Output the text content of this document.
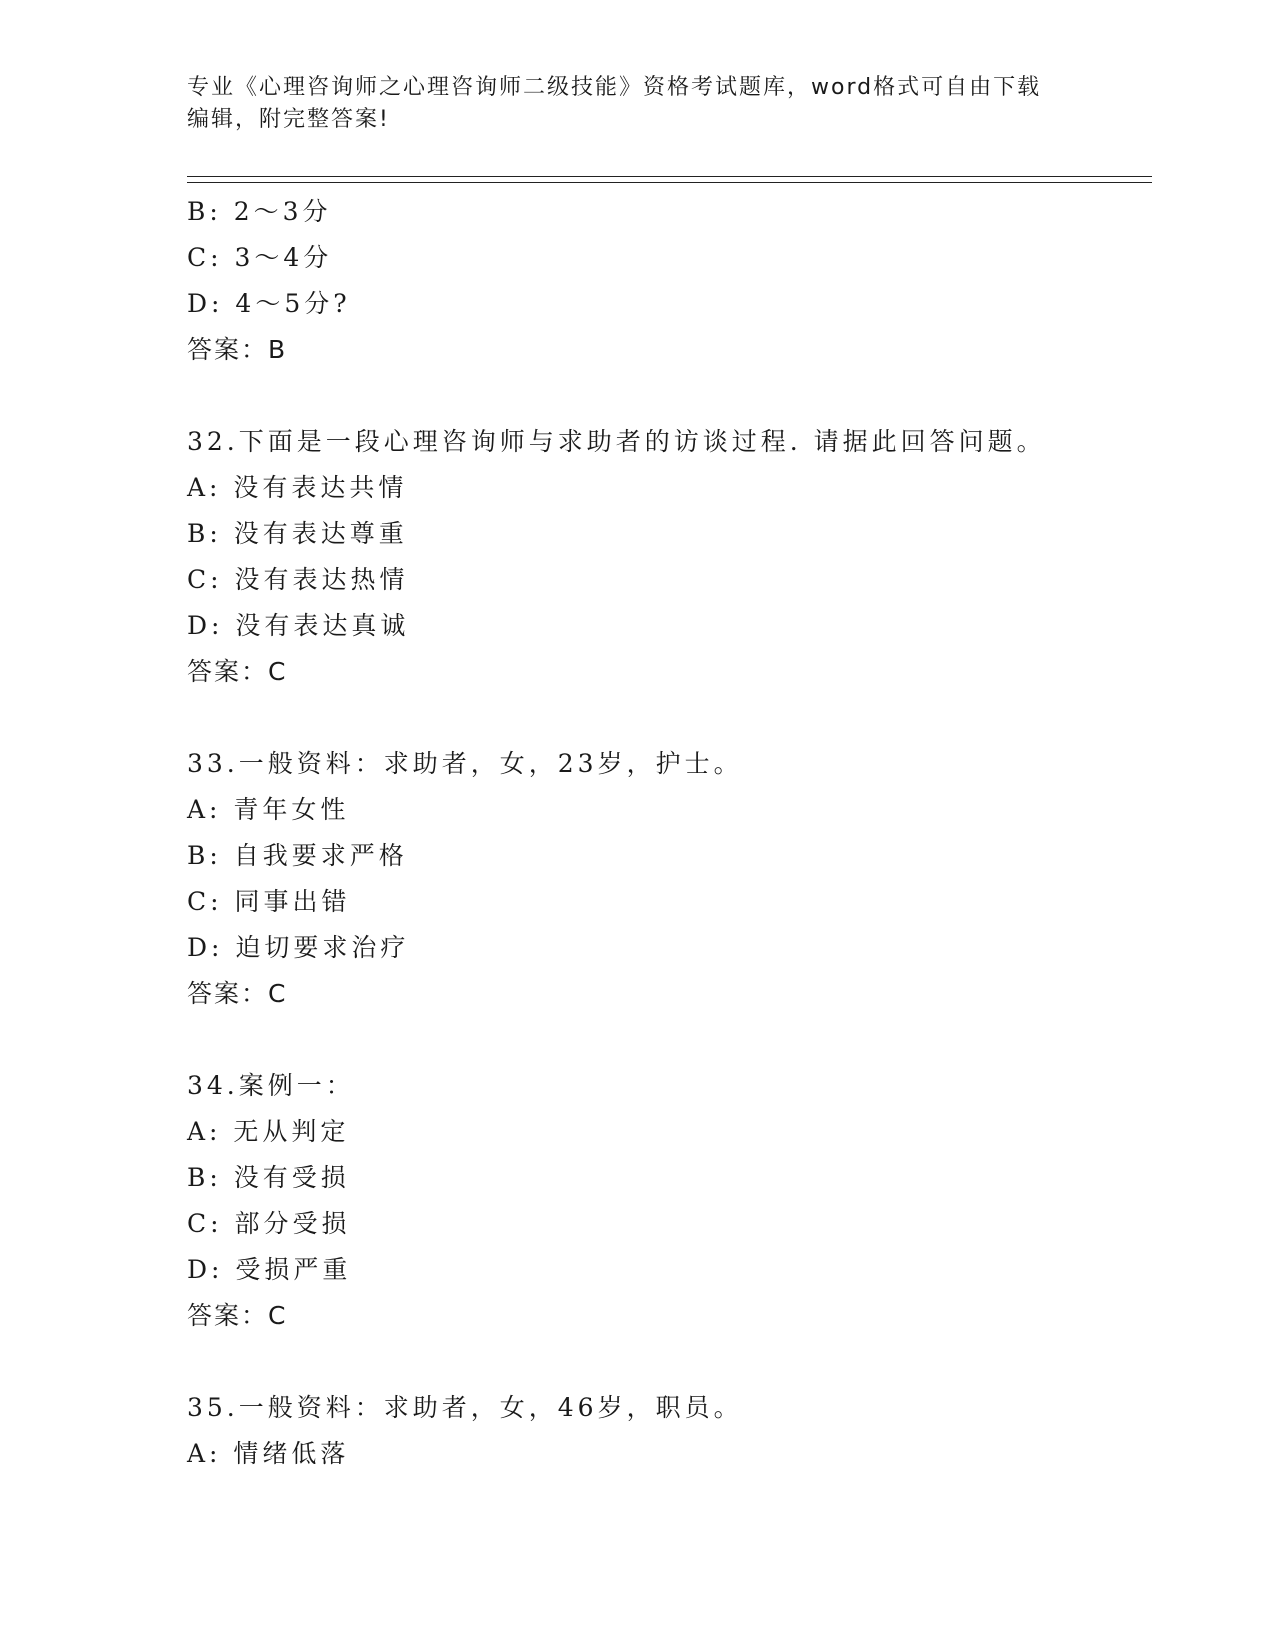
专业《心理咨询师之心理咨询师二级技能》资格考试题库，word格式可自由下载
编辑，附完整答案!
B: 2～3分
C: 3～4分
D: 4～5分?
答案：B
32.下面是一段心理咨询师与求助者的访谈过程. 请据此回答问题。
A: 没有表达共情
B: 没有表达尊重
C: 没有表达热情
D: 没有表达真诚
答案：C
33.一般资料：求助者，女，23岁，护士。
A: 青年女性
B: 自我要求严格
C: 同事出错
D: 迫切要求治疗
答案：C
34.案例一：
A: 无从判定
B: 没有受损
C: 部分受损
D: 受损严重
答案：C
35.一般资料：求助者，女，46岁，职员。
A: 情绪低落
